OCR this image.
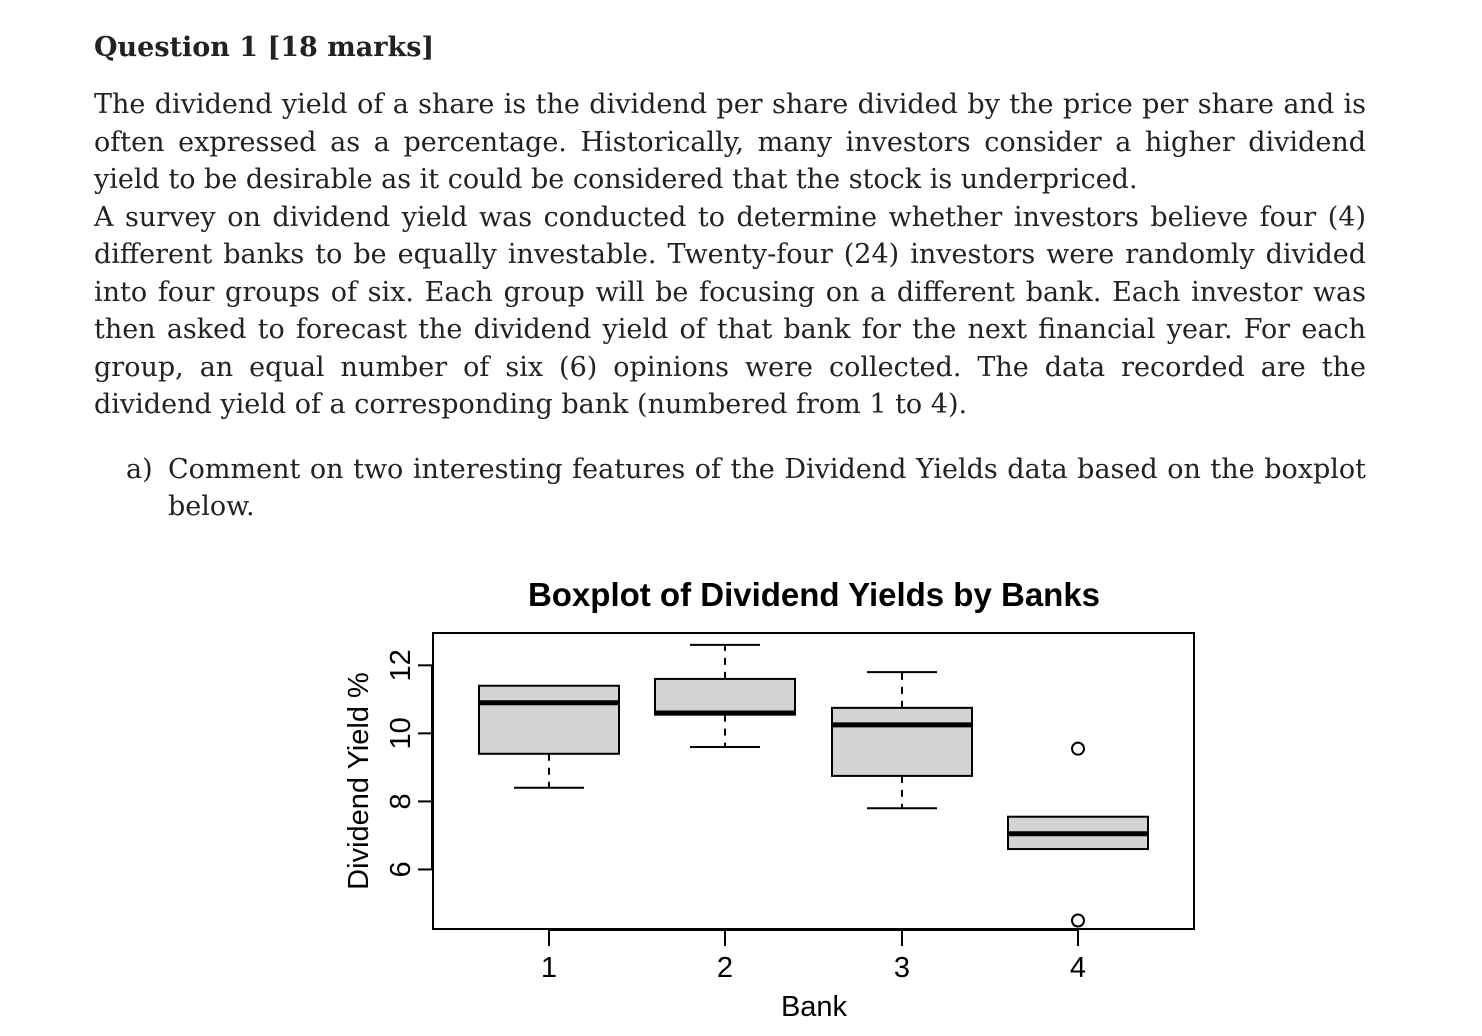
Question 1 [18 marks]

The dividend yield of a share is the dividend per share divided by the price per share and is often expressed as a percentage. Historically, many investors consider a higher dividend yield to be desirable as it could be considered that the stock is underpriced.

A survey on dividend yield was conducted to determine whether investors believe four (4) different banks to be equally investable. Twenty-four (24) investors were randomly divided into four groups of six. Each group will be focusing on a different bank. Each investor was then asked to forecast the dividend yield of that bank for the next financial year. For each group, an equal number of six (6) opinions were collected. The data recorded are the dividend yield of a corresponding bank (numbered from 1 to 4).

a) Comment on two interesting features of the Dividend Yields data based on the boxplot below.
Boxplot of Dividend Yields by Banks
6
8
10
12
1	2	3	4
Bank
Dividend Yield %
